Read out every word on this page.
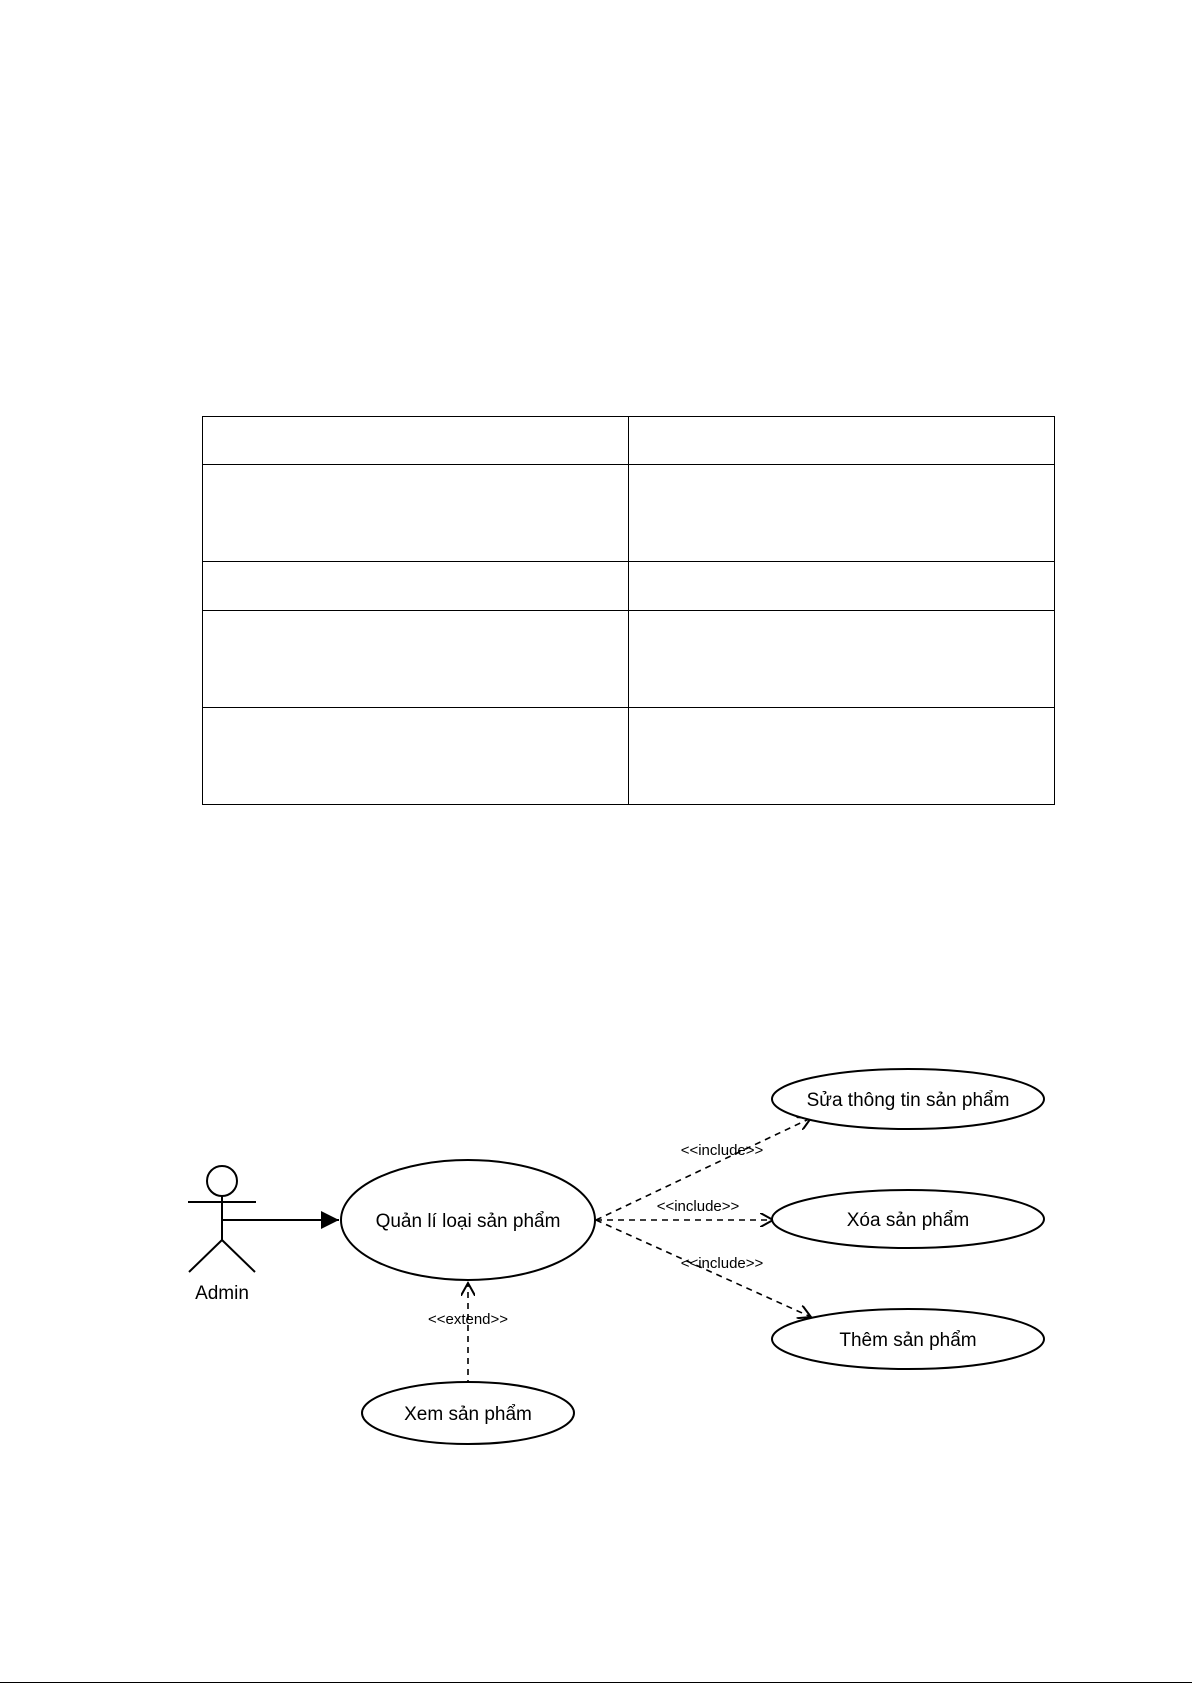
Admin
<<include>>
<<include>>
<<include>>
<<extend>>
Quản lí loại sản phẩm
Sửa thông tin sản phẩm
Xóa sản phẩm
Thêm sản phẩm
Xem sản phẩm
